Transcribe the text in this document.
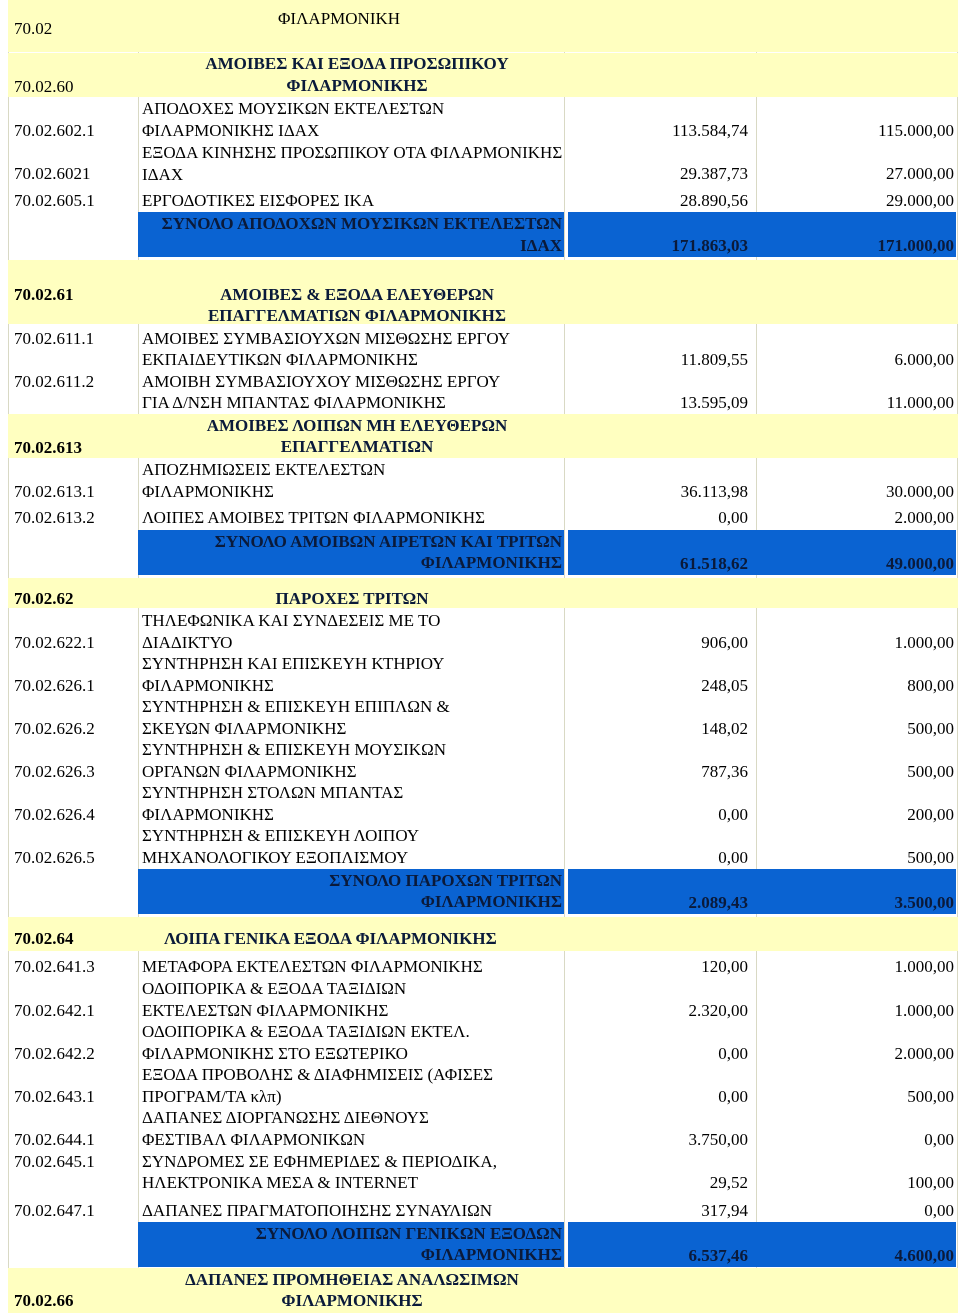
70.02
ΦΙΛΑΡΜΟΝΙΚΗ
70.02.60
ΑΜΟΙΒΕΣ ΚΑΙ ΕΞΟΔΑ ΠΡΟΣΩΠΙΚΟΥ ΦΙΛΑΡΜΟΝΙΚΗΣ
70.02.602.1
ΑΠΟΔΟΧΕΣ ΜΟΥΣΙΚΩΝ ΕΚΤΕΛΕΣΤΩΝ ΦΙΛΑΡΜΟΝΙΚΗΣ ΙΔΑΧ	113.584,74	115.000,00
70.02.6021
ΕΞΟΔΑ ΚΙΝΗΣΗΣ ΠΡΟΣΩΠΙΚΟΥ ΟΤΑ ΦΙΛΑΡΜΟΝΙΚΗΣ ΙΔΑΧ	29.387,73	27.000,00
70.02.605.1	ΕΡΓΟΔΟΤΙΚΕΣ ΕΙΣΦΟΡΕΣ ΙΚΑ	28.890,56	29.000,00
ΣΥΝΟΛΟ ΑΠΟΔΟΧΩΝ ΜΟΥΣΙΚΩΝ ΕΚΤΕΛΕΣΤΩΝ ΙΔΑΧ	171.863,03	171.000,00
70.02.61	ΑΜΟΙΒΕΣ & ΕΞΟΔΑ ΕΛΕΥΘΕΡΩΝ
ΕΠΑΓΓΕΛΜΑΤΙΩΝ ΦΙΛΑΡΜΟΝΙΚΗΣ
70.02.611.1	ΑΜΟΙΒΕΣ ΣΥΜΒΑΣΙΟΥΧΩΝ ΜΙΣΘΩΣΗΣ ΕΡΓΟΥ
ΕΚΠΑΙΔΕΥΤΙΚΩΝ ΦΙΛΑΡΜΟΝΙΚΗΣ	11.809,55	6.000,00
70.02.611.2	ΑΜΟΙΒΗ ΣΥΜΒΑΣΙΟΥΧΟΥ ΜΙΣΘΩΣΗΣ ΕΡΓΟΥ
ΓΙΑ Δ/ΝΣΗ ΜΠΑΝΤΑΣ ΦΙΛΑΡΜΟΝΙΚΗΣ	13.595,09	11.000,00
70.02.613
ΑΜΟΙΒΕΣ ΛΟΙΠΩΝ ΜΗ ΕΛΕΥΘΕΡΩΝ
ΕΠΑΓΓΕΛΜΑΤΙΩΝ
70.02.613.1
ΑΠΟΖΗΜΙΩΣΕΙΣ ΕΚΤΕΛΕΣΤΩΝ ΦΙΛΑΡΜΟΝΙΚΗΣ	36.113,98	30.000,00
70.02.613.2	ΛΟΙΠΕΣ ΑΜΟΙΒΕΣ ΤΡΙΤΩΝ ΦΙΛΑΡΜΟΝΙΚΗΣ	0,00	2.000,00
ΣΥΝΟΛΟ ΑΜΟΙΒΩΝ ΑΙΡΕΤΩΝ ΚΑΙ ΤΡΙΤΩΝ
ΦΙΛΑΡΜΟΝΙΚΗΣ	61.518,62	49.000,00
70.02.62	ΠΑΡΟΧΕΣ ΤΡΙΤΩΝ
70.02.622.1
ΤΗΛΕΦΩΝΙΚΑ ΚΑΙ ΣΥΝΔΕΣΕΙΣ ΜΕ ΤΟ ΔΙΑΔΙΚΤΥΟ	906,00	1.000,00
70.02.626.1
ΣΥΝΤΗΡΗΣΗ ΚΑΙ ΕΠΙΣΚΕΥΗ ΚΤΗΡΙΟΥ ΦΙΛΑΡΜΟΝΙΚΗΣ	248,05	800,00
70.02.626.2
ΣΥΝΤΗΡΗΣΗ & ΕΠΙΣΚΕΥΗ ΕΠΙΠΛΩΝ & ΣΚΕΥΩΝ ΦΙΛΑΡΜΟΝΙΚΗΣ	148,02	500,00
70.02.626.3
ΣΥΝΤΗΡΗΣΗ & ΕΠΙΣΚΕΥΗ ΜΟΥΣΙΚΩΝ ΟΡΓΑΝΩΝ ΦΙΛΑΡΜΟΝΙΚΗΣ	787,36	500,00
70.02.626.4
ΣΥΝΤΗΡΗΣΗ ΣΤΟΛΩΝ ΜΠΑΝΤΑΣ ΦΙΛΑΡΜΟΝΙΚΗΣ	0,00	200,00
70.02.626.5
ΣΥΝΤΗΡΗΣΗ & ΕΠΙΣΚΕΥΗ ΛΟΙΠΟΥ ΜΗΧΑΝΟΛΟΓΙΚΟΥ ΕΞΟΠΛΙΣΜΟΥ	0,00	500,00
ΣΥΝΟΛΟ ΠΑΡΟΧΩΝ ΤΡΙΤΩΝ
ΦΙΛΑΡΜΟΝΙΚΗΣ	2.089,43	3.500,00
70.02.64	ΛΟΙΠΑ ΓΕΝΙΚΑ ΕΞΟΔΑ ΦΙΛΑΡΜΟΝΙΚΗΣ
70.02.641.3	ΜΕΤΑΦΟΡΑ ΕΚΤΕΛΕΣΤΩΝ ΦΙΛΑΡΜΟΝΙΚΗΣ	120,00	1.000,00
70.02.642.1
ΟΔΟΙΠΟΡΙΚΑ & ΕΞΟΔΑ ΤΑΞΙΔΙΩΝ ΕΚΤΕΛΕΣΤΩΝ ΦΙΛΑΡΜΟΝΙΚΗΣ	2.320,00	1.000,00
70.02.642.2
ΟΔΟΙΠΟΡΙΚΑ & ΕΞΟΔΑ ΤΑΞΙΔΙΩΝ ΕΚΤΕΛ. ΦΙΛΑΡΜΟΝΙΚΗΣ ΣΤΟ ΕΞΩΤΕΡΙΚΟ	0,00	2.000,00
70.02.643.1
ΕΞΟΔΑ ΠΡΟΒΟΛΗΣ & ΔΙΑΦΗΜΙΣΕΙΣ (ΑΦΙΣΕΣ ΠΡΟΓΡΑΜ/ΤΑ κλπ)	0,00	500,00
70.02.644.1
ΔΑΠΑΝΕΣ ΔΙΟΡΓΑΝΩΣΗΣ ΔΙΕΘΝΟΥΣ ΦΕΣΤΙΒΑΛ ΦΙΛΑΡΜΟΝΙΚΩΝ	3.750,00	0,00
70.02.645.1	ΣΥΝΔΡΟΜΕΣ ΣΕ ΕΦΗΜΕΡΙΔΕΣ & ΠΕΡΙΟΔΙΚΑ,
ΗΛΕΚΤΡΟΝΙΚΑ ΜΕΣΑ & INTERNET	29,52	100,00
70.02.647.1	ΔΑΠΑΝΕΣ ΠΡΑΓΜΑΤΟΠΟΙΗΣΗΣ ΣΥΝΑΥΛΙΩΝ	317,94	0,00
ΣΥΝΟΛΟ ΛΟΙΠΩΝ ΓΕΝΙΚΩΝ ΕΞΟΔΩΝ
ΦΙΛΑΡΜΟΝΙΚΗΣ	6.537,46	4.600,00
70.02.66
ΔΑΠΑΝΕΣ ΠΡΟΜΗΘΕΙΑΣ ΑΝΑΛΩΣΙΜΩΝ
ΦΙΛΑΡΜΟΝΙΚΗΣ
